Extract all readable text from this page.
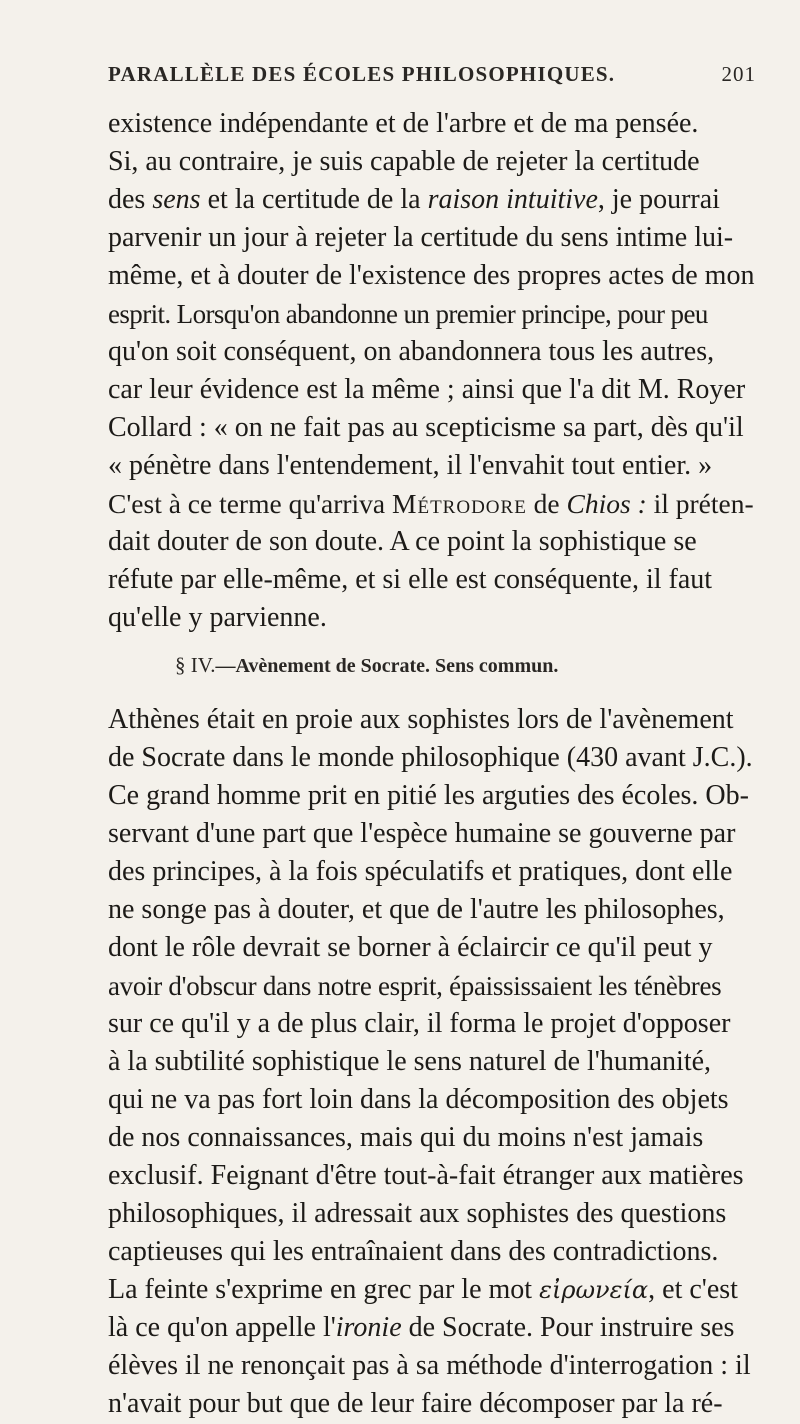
PARALLÈLE DES ÉCOLES PHILOSOPHIQUES.	201
existence indépendante et de l'arbre et de ma pensée.
Si, au contraire, je suis capable de rejeter la certitude
des sens et la certitude de la raison intuitive, je pourrai
parvenir un jour à rejeter la certitude du sens intime lui-
même, et à douter de l'existence des propres actes de mon
esprit. Lorsqu'on abandonne un premier principe, pour peu
qu'on soit conséquent, on abandonnera tous les autres,
car leur évidence est la même ; ainsi que l'a dit M. Royer
Collard : « on ne fait pas au scepticisme sa part, dès qu'il
« pénètre dans l'entendement, il l'envahit tout entier. »
C'est à ce terme qu'arriva Métrodore de Chios : il préten-
dait douter de son doute. A ce point la sophistique se
réfute par elle-même, et si elle est conséquente, il faut
qu'elle y parvienne.
§ IV.—Avènement de Socrate. Sens commun.
Athènes était en proie aux sophistes lors de l'avènement
de Socrate dans le monde philosophique (430 avant J.C.).
Ce grand homme prit en pitié les arguties des écoles. Ob-
servant d'une part que l'espèce humaine se gouverne par
des principes, à la fois spéculatifs et pratiques, dont elle
ne songe pas à douter, et que de l'autre les philosophes,
dont le rôle devrait se borner à éclaircir ce qu'il peut y
avoir d'obscur dans notre esprit, épaississaient les ténèbres
sur ce qu'il y a de plus clair, il forma le projet d'opposer
à la subtilité sophistique le sens naturel de l'humanité,
qui ne va pas fort loin dans la décomposition des objets
de nos connaissances, mais qui du moins n'est jamais
exclusif. Feignant d'être tout-à-fait étranger aux matières
philosophiques, il adressait aux sophistes des questions
captieuses qui les entraînaient dans des contradictions.
La feinte s'exprime en grec par le mot εἰρωνεία, et c'est
là ce qu'on appelle l'ironie de Socrate. Pour instruire ses
élèves il ne renonçait pas à sa méthode d'interrogation : il
n'avait pour but que de leur faire décomposer par la ré-
